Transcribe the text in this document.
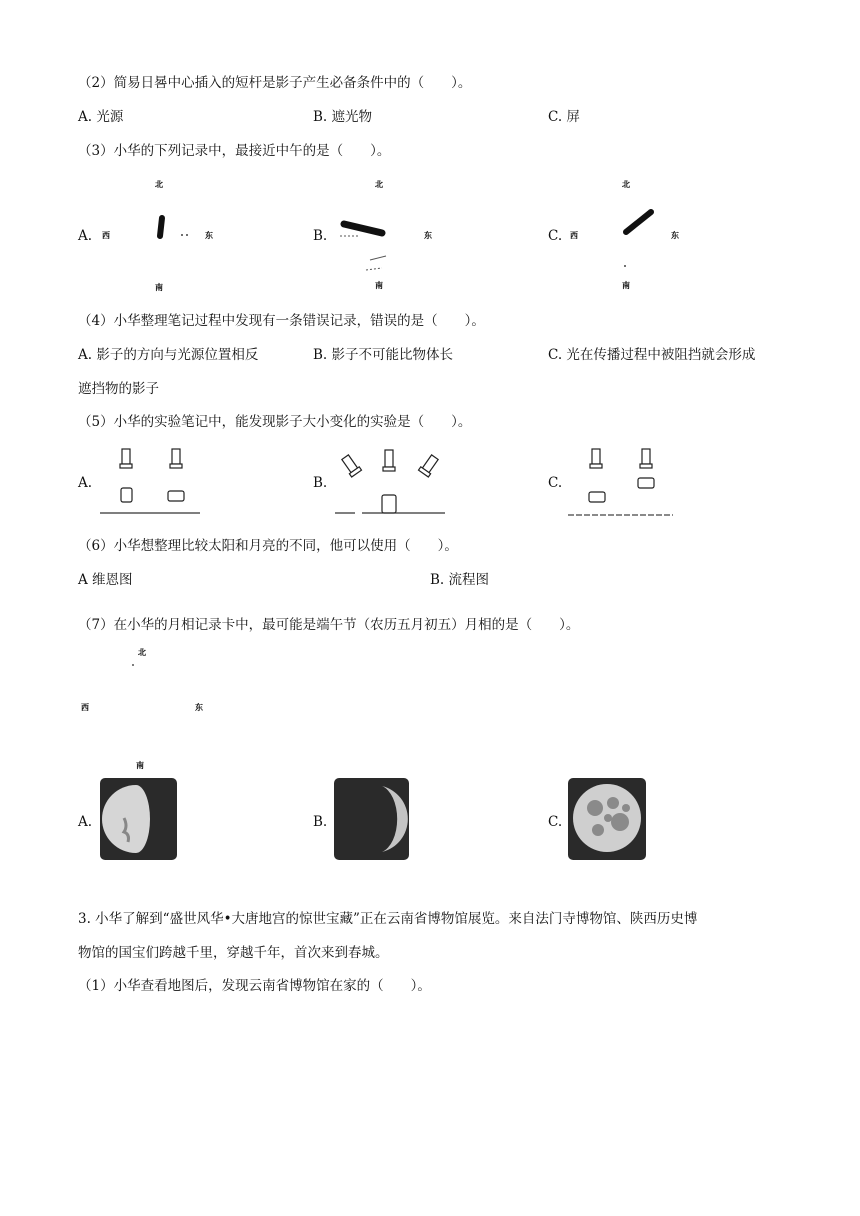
（2）简易日晷中心插入的短杆是影子产生必备条件中的（　　）。
A. 光源	B. 遮光物	C. 屏
（3）小华的下列记录中，最接近中午的是（　　）。
A.
北
西	东
南
B.
北
东
南
C.
北
西	东
南
（4）小华整理笔记过程中发现有一条错误记录，错误的是（　　）。
A. 影子的方向与光源位置相反	B. 影子不可能比物体长	C. 光在传播过程中被阻挡就会形成
遮挡物的影子
（5）小华的实验笔记中，能发现影子大小变化的实验是（　　）。
A.	B.	C.
（6）小华想整理比较太阳和月亮的不同，他可以使用（　　）。
A 维恩图	B. 流程图
（7）在小华的月相记录卡中，最可能是端午节（农历五月初五）月相的是（　　）。
北
西	东
南
A.	B.	C.
3. 小华了解到“盛世风华•大唐地宫的惊世宝藏”正在云南省博物馆展览。来自法门寺博物馆、陕西历史博
物馆的国宝们跨越千里，穿越千年，首次来到春城。
（1）小华查看地图后，发现云南省博物馆在家的（　　）。
